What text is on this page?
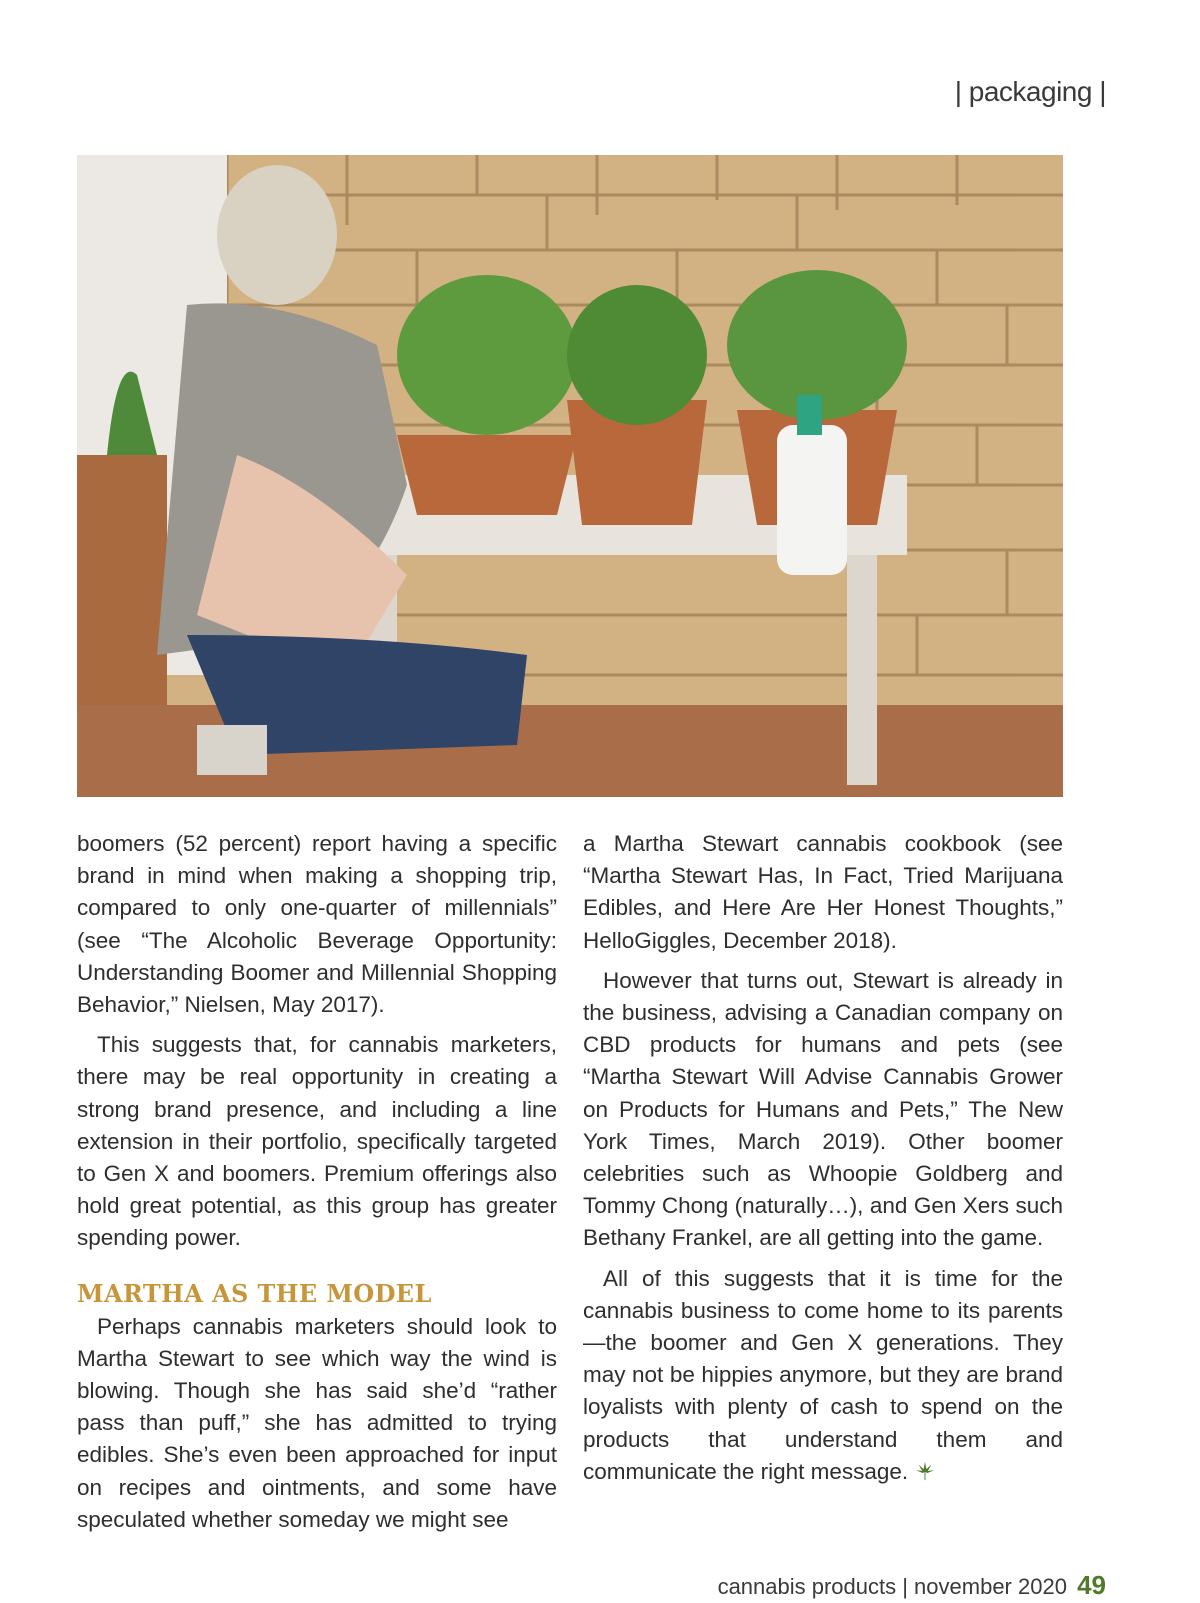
| packaging |

boomers (52 percent) report having a specific brand in mind when making a shopping trip, compared to only one-quarter of millennials” (see “The Alcoholic Beverage Opportunity: Understanding Boomer and Millennial Shopping Behavior,” Nielsen, May 2017).

This suggests that, for cannabis marketers, there may be real opportunity in creating a strong brand presence, and including a line extension in their portfolio, specifically targeted to Gen X and boomers. Premium offerings also hold great potential, as this group has greater spending power.

MARTHA AS THE MODEL

Perhaps cannabis marketers should look to Martha Stewart to see which way the wind is blowing. Though she has said she’d “rather pass than puff,” she has admitted to trying edibles. She’s even been approached for input on recipes and ointments, and some have speculated whether someday we might see

a Martha Stewart cannabis cookbook (see “Martha Stewart Has, In Fact, Tried Marijuana Edibles, and Here Are Her Honest Thoughts,” HelloGiggles, December 2018).

However that turns out, Stewart is already in the business, advising a Canadian company on CBD products for humans and pets (see “Martha Stewart Will Advise Cannabis Grower on Products for Humans and Pets,” The New York Times, March 2019). Other boomer celebrities such as Whoopie Goldberg and Tommy Chong (naturally…), and Gen Xers such Bethany Frankel, are all getting into the game.

All of this suggests that it is time for the cannabis business to come home to its parents—the boomer and Gen X generations. They may not be hippies anymore, but they are brand loyalists with plenty of cash to spend on the products that understand them and communicate the right message.

cannabis products | november 2020 49
